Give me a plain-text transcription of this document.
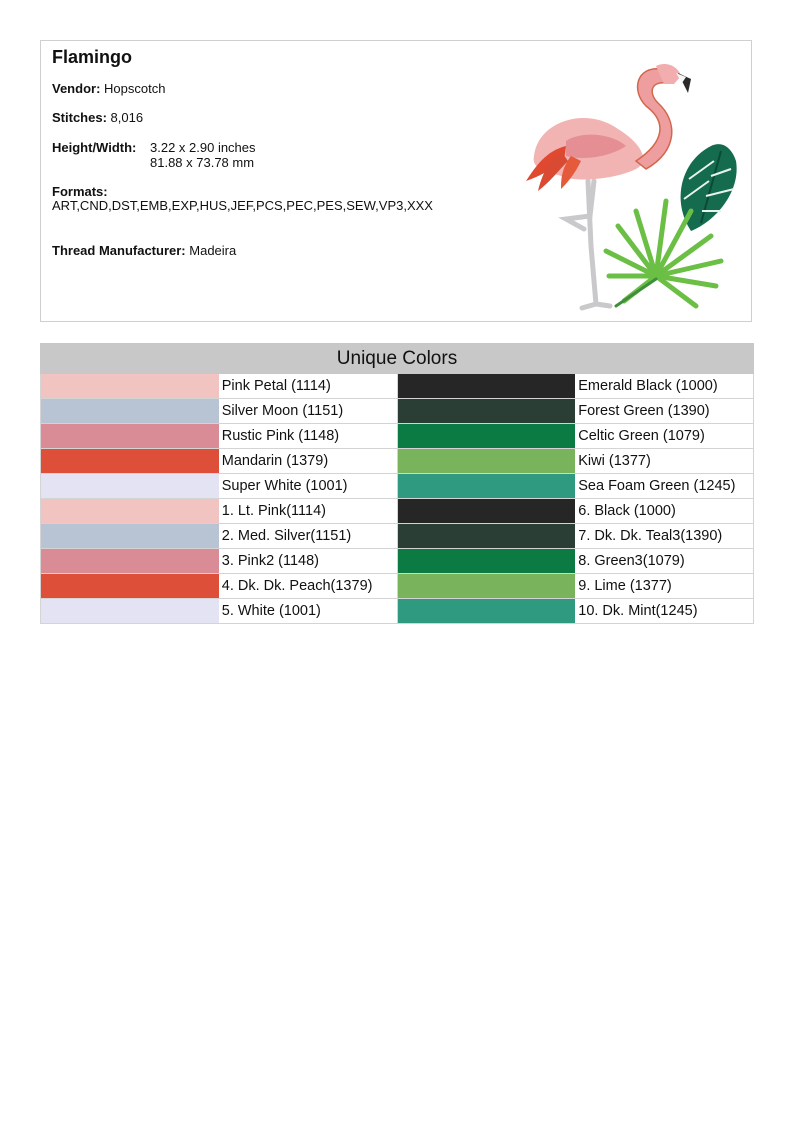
Flamingo
Vendor: Hopscotch
Stitches: 8,016
Height/Width: 3.22 x 2.90 inches
81.88 x 73.78 mm
Formats:
ART,CND,DST,EMB,EXP,HUS,JEF,PCS,PEC,PES,SEW,VP3,XXX
Thread Manufacturer: Madeira
Unique Colors			
	Pink Petal (1114)		Emerald Black (1000)
	Silver Moon (1151)		Forest Green (1390)
	Rustic Pink (1148)		Celtic Green (1079)
	Mandarin (1379)		Kiwi (1377)
	Super White (1001)		Sea Foam Green (1245)
	1. Lt. Pink(1114)		6. Black (1000)
	2. Med. Silver(1151)		7. Dk. Dk. Teal3(1390)
	3. Pink2 (1148)		8. Green3(1079)
	4. Dk. Dk. Peach(1379)		9. Lime (1377)
	5. White (1001)		10. Dk. Mint(1245)
